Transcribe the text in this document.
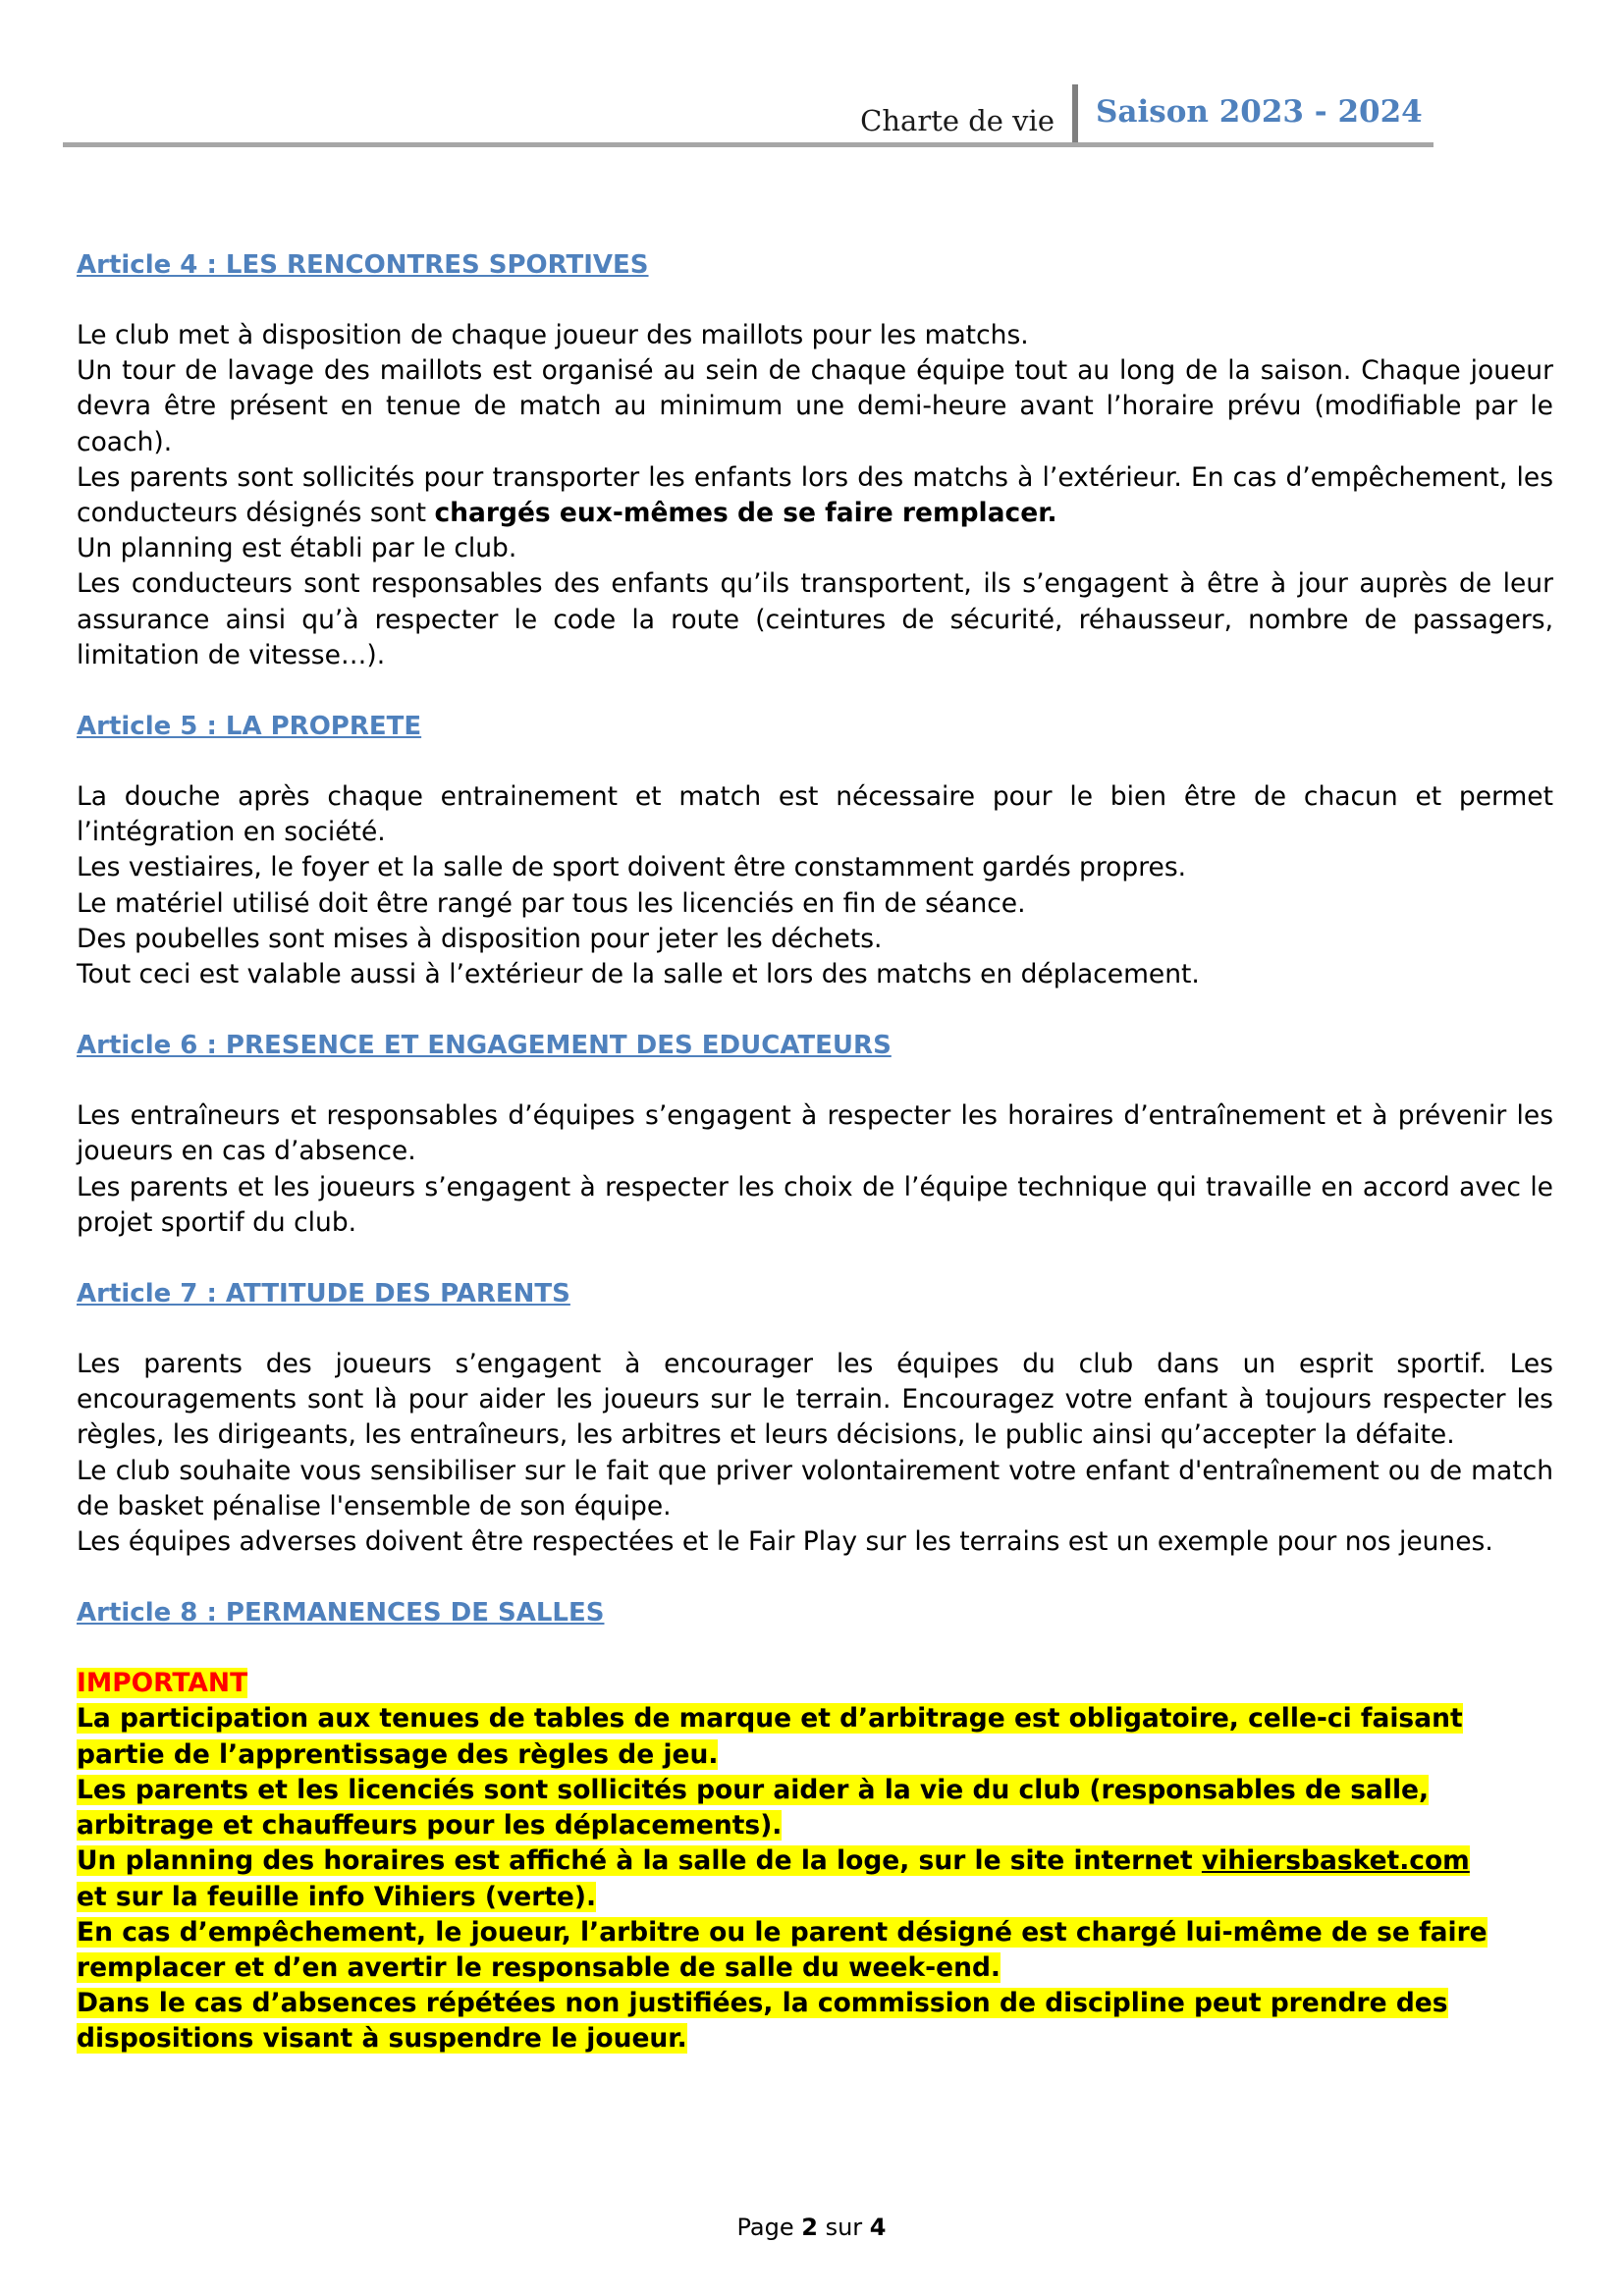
Charte de vie Saison 2023 - 2024

Article 4 : LES RENCONTRES SPORTIVES

Le club met à disposition de chaque joueur des maillots pour les matchs.
Un tour de lavage des maillots est organisé au sein de chaque équipe tout au long de la saison. Chaque joueur devra être présent en tenue de match au minimum une demi-heure avant l’horaire prévu (modifiable par le coach).
Les parents sont sollicités pour transporter les enfants lors des matchs à l’extérieur. En cas d’empêchement, les conducteurs désignés sont chargés eux-mêmes de se faire remplacer.
Un planning est établi par le club.
Les conducteurs sont responsables des enfants qu’ils transportent, ils s’engagent à être à jour auprès de leur assurance ainsi qu’à respecter le code la route (ceintures de sécurité, réhausseur, nombre de passagers, limitation de vitesse…).

Article 5 : LA PROPRETE

La douche après chaque entrainement et match est nécessaire pour le bien être de chacun et permet l’intégration en société.
Les vestiaires, le foyer et la salle de sport doivent être constamment gardés propres.
Le matériel utilisé doit être rangé par tous les licenciés en fin de séance.
Des poubelles sont mises à disposition pour jeter les déchets.
Tout ceci est valable aussi à l’extérieur de la salle et lors des matchs en déplacement.

Article 6 : PRESENCE ET ENGAGEMENT DES EDUCATEURS

Les entraîneurs et responsables d’équipes s’engagent à respecter les horaires d’entraînement et à prévenir les joueurs en cas d’absence.
Les parents et les joueurs s’engagent à respecter les choix de l’équipe technique qui travaille en accord avec le projet sportif du club.

Article 7 : ATTITUDE DES PARENTS

Les parents des joueurs s’engagent à encourager les équipes du club dans un esprit sportif. Les encouragements sont là pour aider les joueurs sur le terrain. Encouragez votre enfant à toujours respecter les règles, les dirigeants, les entraîneurs, les arbitres et leurs décisions, le public ainsi qu’accepter la défaite.
Le club souhaite vous sensibiliser sur le fait que priver volontairement votre enfant d'entraînement ou de match de basket pénalise l'ensemble de son équipe.
Les équipes adverses doivent être respectées et le Fair Play sur les terrains est un exemple pour nos jeunes.

Article 8 : PERMANENCES DE SALLES

IMPORTANT
La participation aux tenues de tables de marque et d’arbitrage est obligatoire, celle-ci faisant
partie de l’apprentissage des règles de jeu.
Les parents et les licenciés sont sollicités pour aider à la vie du club (responsables de salle,
arbitrage et chauffeurs pour les déplacements).
Un planning des horaires est affiché à la salle de la loge, sur le site internet vihiersbasket.com
et sur la feuille info Vihiers (verte).
En cas d’empêchement, le joueur, l’arbitre ou le parent désigné est chargé lui-même de se faire
remplacer et d’en avertir le responsable de salle du week-end.
Dans le cas d’absences répétées non justifiées, la commission de discipline peut prendre des
dispositions visant à suspendre le joueur.
Page 2 sur 4
